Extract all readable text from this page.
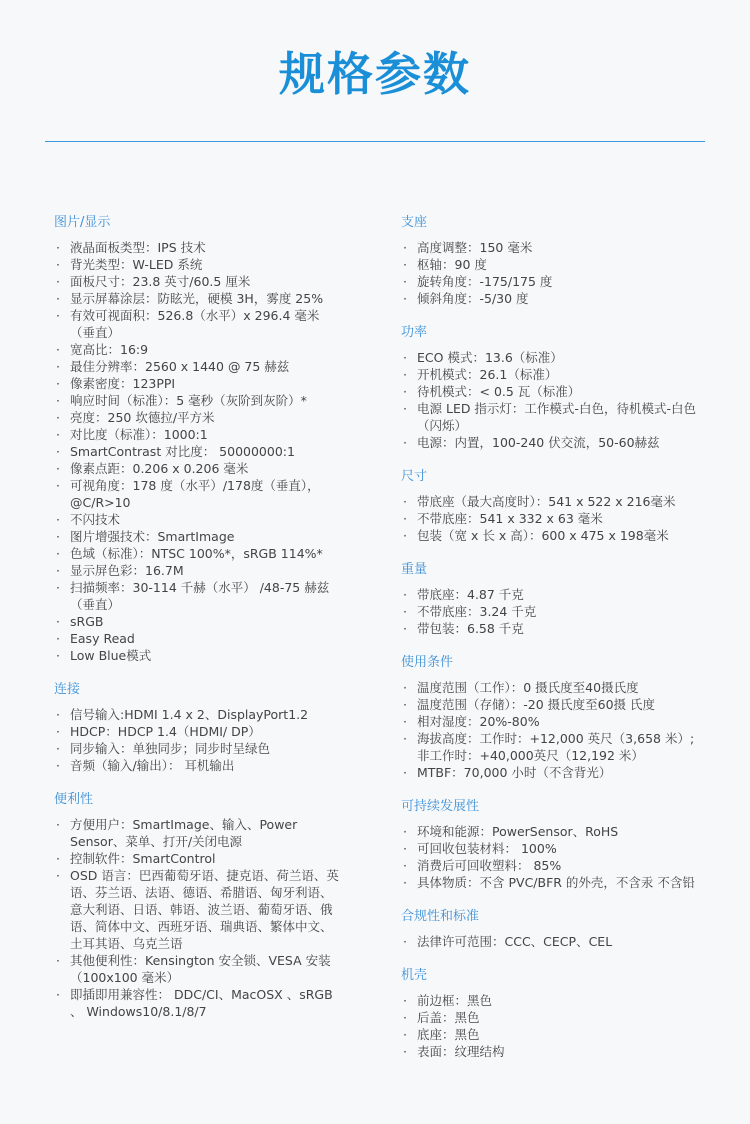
规格参数
图片/显示
· 液晶面板类型：IPS 技术
· 背光类型：W-LED 系统
· 面板尺寸：23.8 英寸/60.5 厘米
· 显示屏幕涂层：防眩光，硬模 3H，雾度 25%
· 有效可视面积：526.8（水平）x 296.4 毫米（垂直）
· 宽高比：16:9
· 最佳分辨率：2560 x 1440 @ 75 赫兹
· 像素密度：123PPI
· 响应时间（标准）：5 毫秒（灰阶到灰阶）*
· 亮度：250 坎德拉/平方米
· 对比度（标准）：1000:1
· SmartContrast 对比度： 50000000:1
· 像素点距：0.206 x 0.206 毫米
· 可视角度：178 度（水平）/178度（垂直），@C/R>10
· 不闪技术
· 图片增强技术：SmartImage
· 色域（标准）：NTSC 100%*，sRGB 114%*
· 显示屏色彩：16.7M
· 扫描频率：30-114 千赫（水平） /48-75 赫兹（垂直）
· sRGB
· Easy Read
· Low Blue模式
连接
· 信号输入:HDMI 1.4 x 2、DisplayPort1.2
· HDCP：HDCP 1.4（HDMI/ DP）
· 同步输入：单独同步；同步时呈绿色
· 音频（输入/输出）： 耳机输出
便利性
· 方便用户：SmartImage、输入、Power Sensor、菜单、打开/关闭电源
· 控制软件：SmartControl
· OSD 语言：巴西葡萄牙语、捷克语、荷兰语、英语、芬兰语、法语、德语、希腊语、匈牙利语、意大利语、日语、韩语、波兰语、葡萄牙语、俄语、简体中文、西班牙语、瑞典语、繁体中文、土耳其语、乌克兰语
· 其他便利性：Kensington 安全锁、VESA 安装（100x100 毫米）
· 即插即用兼容性： DDC/CI、MacOSX 、sRGB 、 Windows10/8.1/8/7
支座
· 高度调整：150 毫米
· 枢轴：90 度
· 旋转角度：-175/175 度
· 倾斜角度：-5/30 度
功率
· ECO 模式：13.6（标准）
· 开机模式：26.1（标准）
· 待机模式：< 0.5 瓦（标准）
· 电源 LED 指示灯：工作模式-白色，待机模式-白色（闪烁）
· 电源：内置，100-240 伏交流，50-60赫兹
尺寸
· 带底座（最大高度时）：541 x 522 x 216毫米
· 不带底座：541 x 332 x 63 毫米
· 包装（宽 x 长 x 高）：600 x 475 x 198毫米
重量
· 带底座：4.87 千克
· 不带底座：3.24 千克
· 带包装：6.58 千克
使用条件
· 温度范围（工作）：0 摄氏度至40摄氏度
· 温度范围（存储）：-20 摄氏度至60摄 氏度
· 相对湿度：20%-80%
· 海拔高度：工作时：+12,000 英尺（3,658 米）;非工作时：+40,000英尺（12,192 米）
· MTBF：70,000 小时（不含背光）
可持续发展性
· 环境和能源：PowerSensor、RoHS
· 可回收包装材料： 100%
· 消费后可回收塑料： 85%
· 具体物质：不含 PVC/BFR 的外壳，不含汞 不含铅
合规性和标准
· 法律许可范围：CCC、CECP、CEL
机壳
· 前边框：黑色
· 后盖：黑色
· 底座：黑色
· 表面：纹理结构
